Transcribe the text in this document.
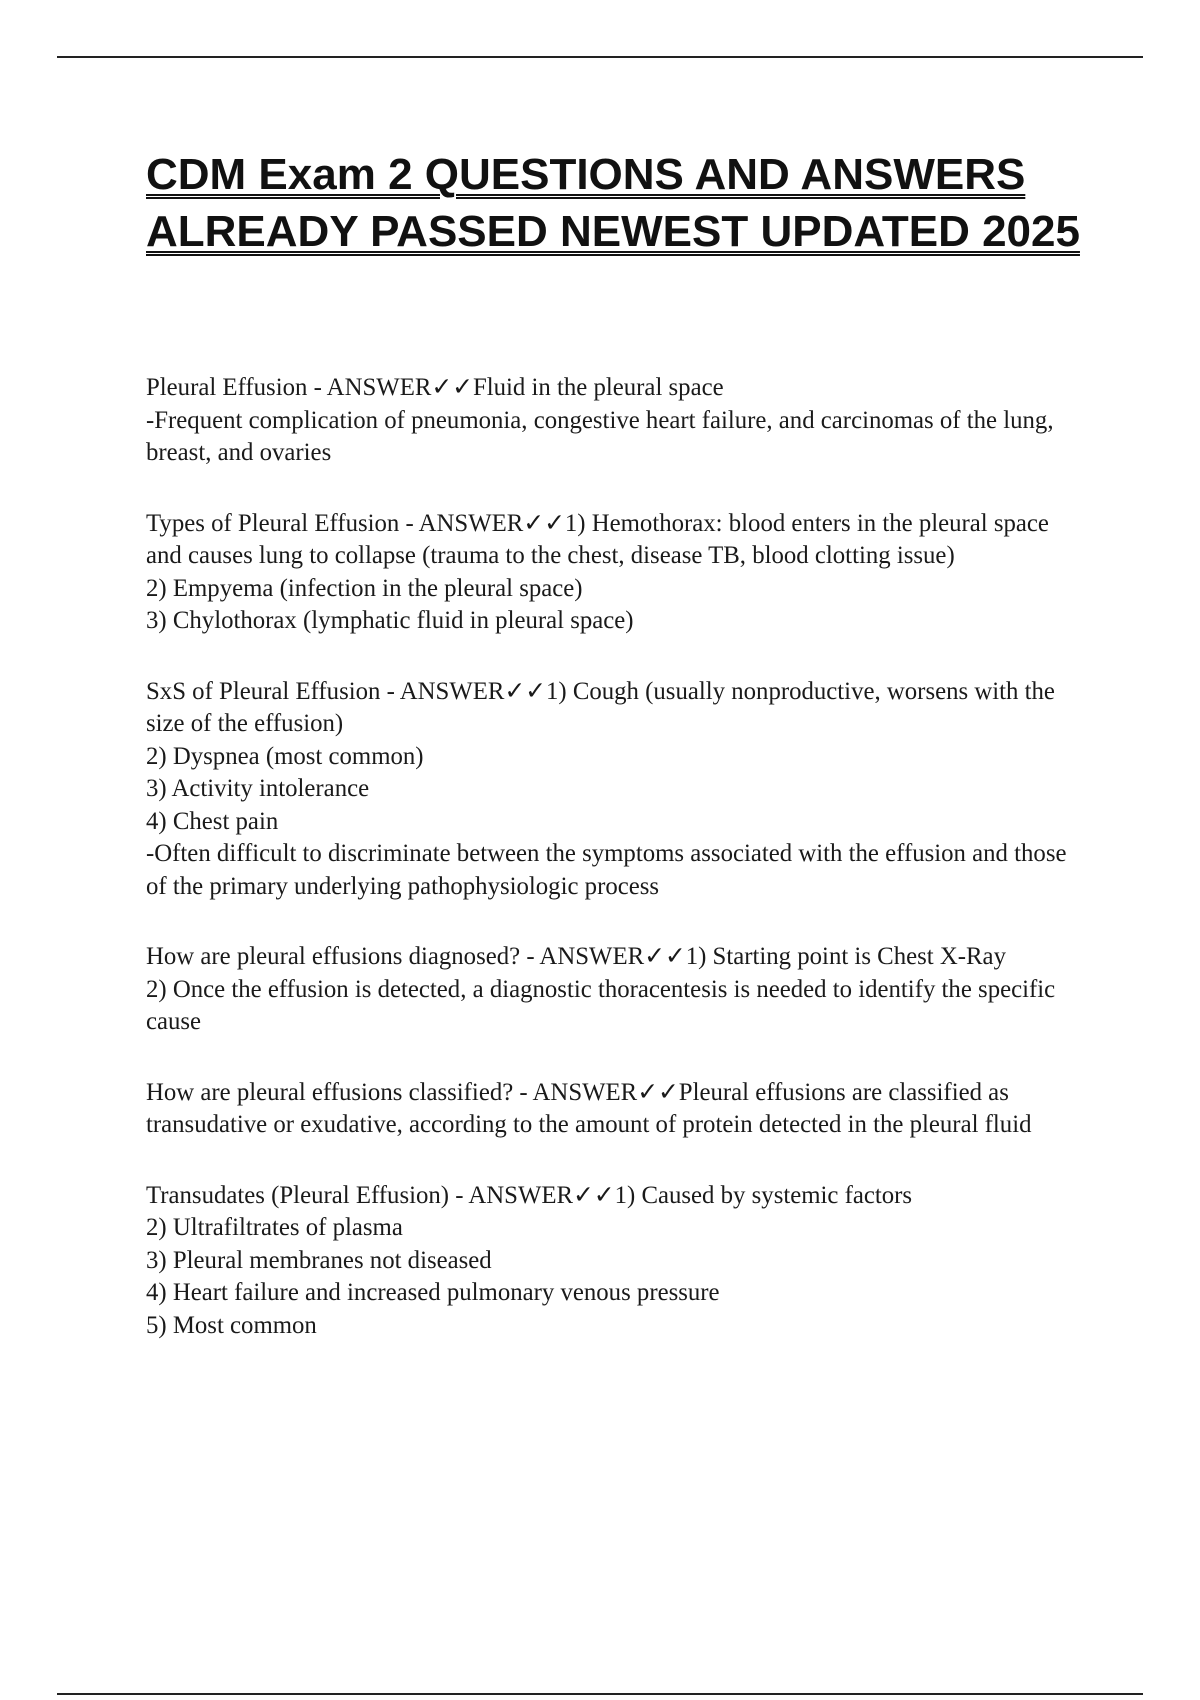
CDM Exam 2 QUESTIONS AND ANSWERS ALREADY PASSED NEWEST UPDATED 2025

Pleural Effusion - ANSWER✓✓Fluid in the pleural space

-Frequent complication of pneumonia, congestive heart failure, and carcinomas of the lung, breast, and ovaries

Types of Pleural Effusion - ANSWER✓✓1) Hemothorax: blood enters in the pleural space and causes lung to collapse (trauma to the chest, disease TB, blood clotting issue)

2) Empyema (infection in the pleural space)

3) Chylothorax (lymphatic fluid in pleural space)

SxS of Pleural Effusion - ANSWER✓✓1) Cough (usually nonproductive, worsens with the size of the effusion)

2) Dyspnea (most common)

3) Activity intolerance

4) Chest pain

-Often difficult to discriminate between the symptoms associated with the effusion and those of the primary underlying pathophysiologic process

How are pleural effusions diagnosed? - ANSWER✓✓1) Starting point is Chest X-Ray

2) Once the effusion is detected, a diagnostic thoracentesis is needed to identify the specific cause

How are pleural effusions classified? - ANSWER✓✓Pleural effusions are classified as transudative or exudative, according to the amount of protein detected in the pleural fluid

Transudates (Pleural Effusion) - ANSWER✓✓1) Caused by systemic factors

2) Ultrafiltrates of plasma

3) Pleural membranes not diseased

4) Heart failure and increased pulmonary venous pressure

5) Most common
